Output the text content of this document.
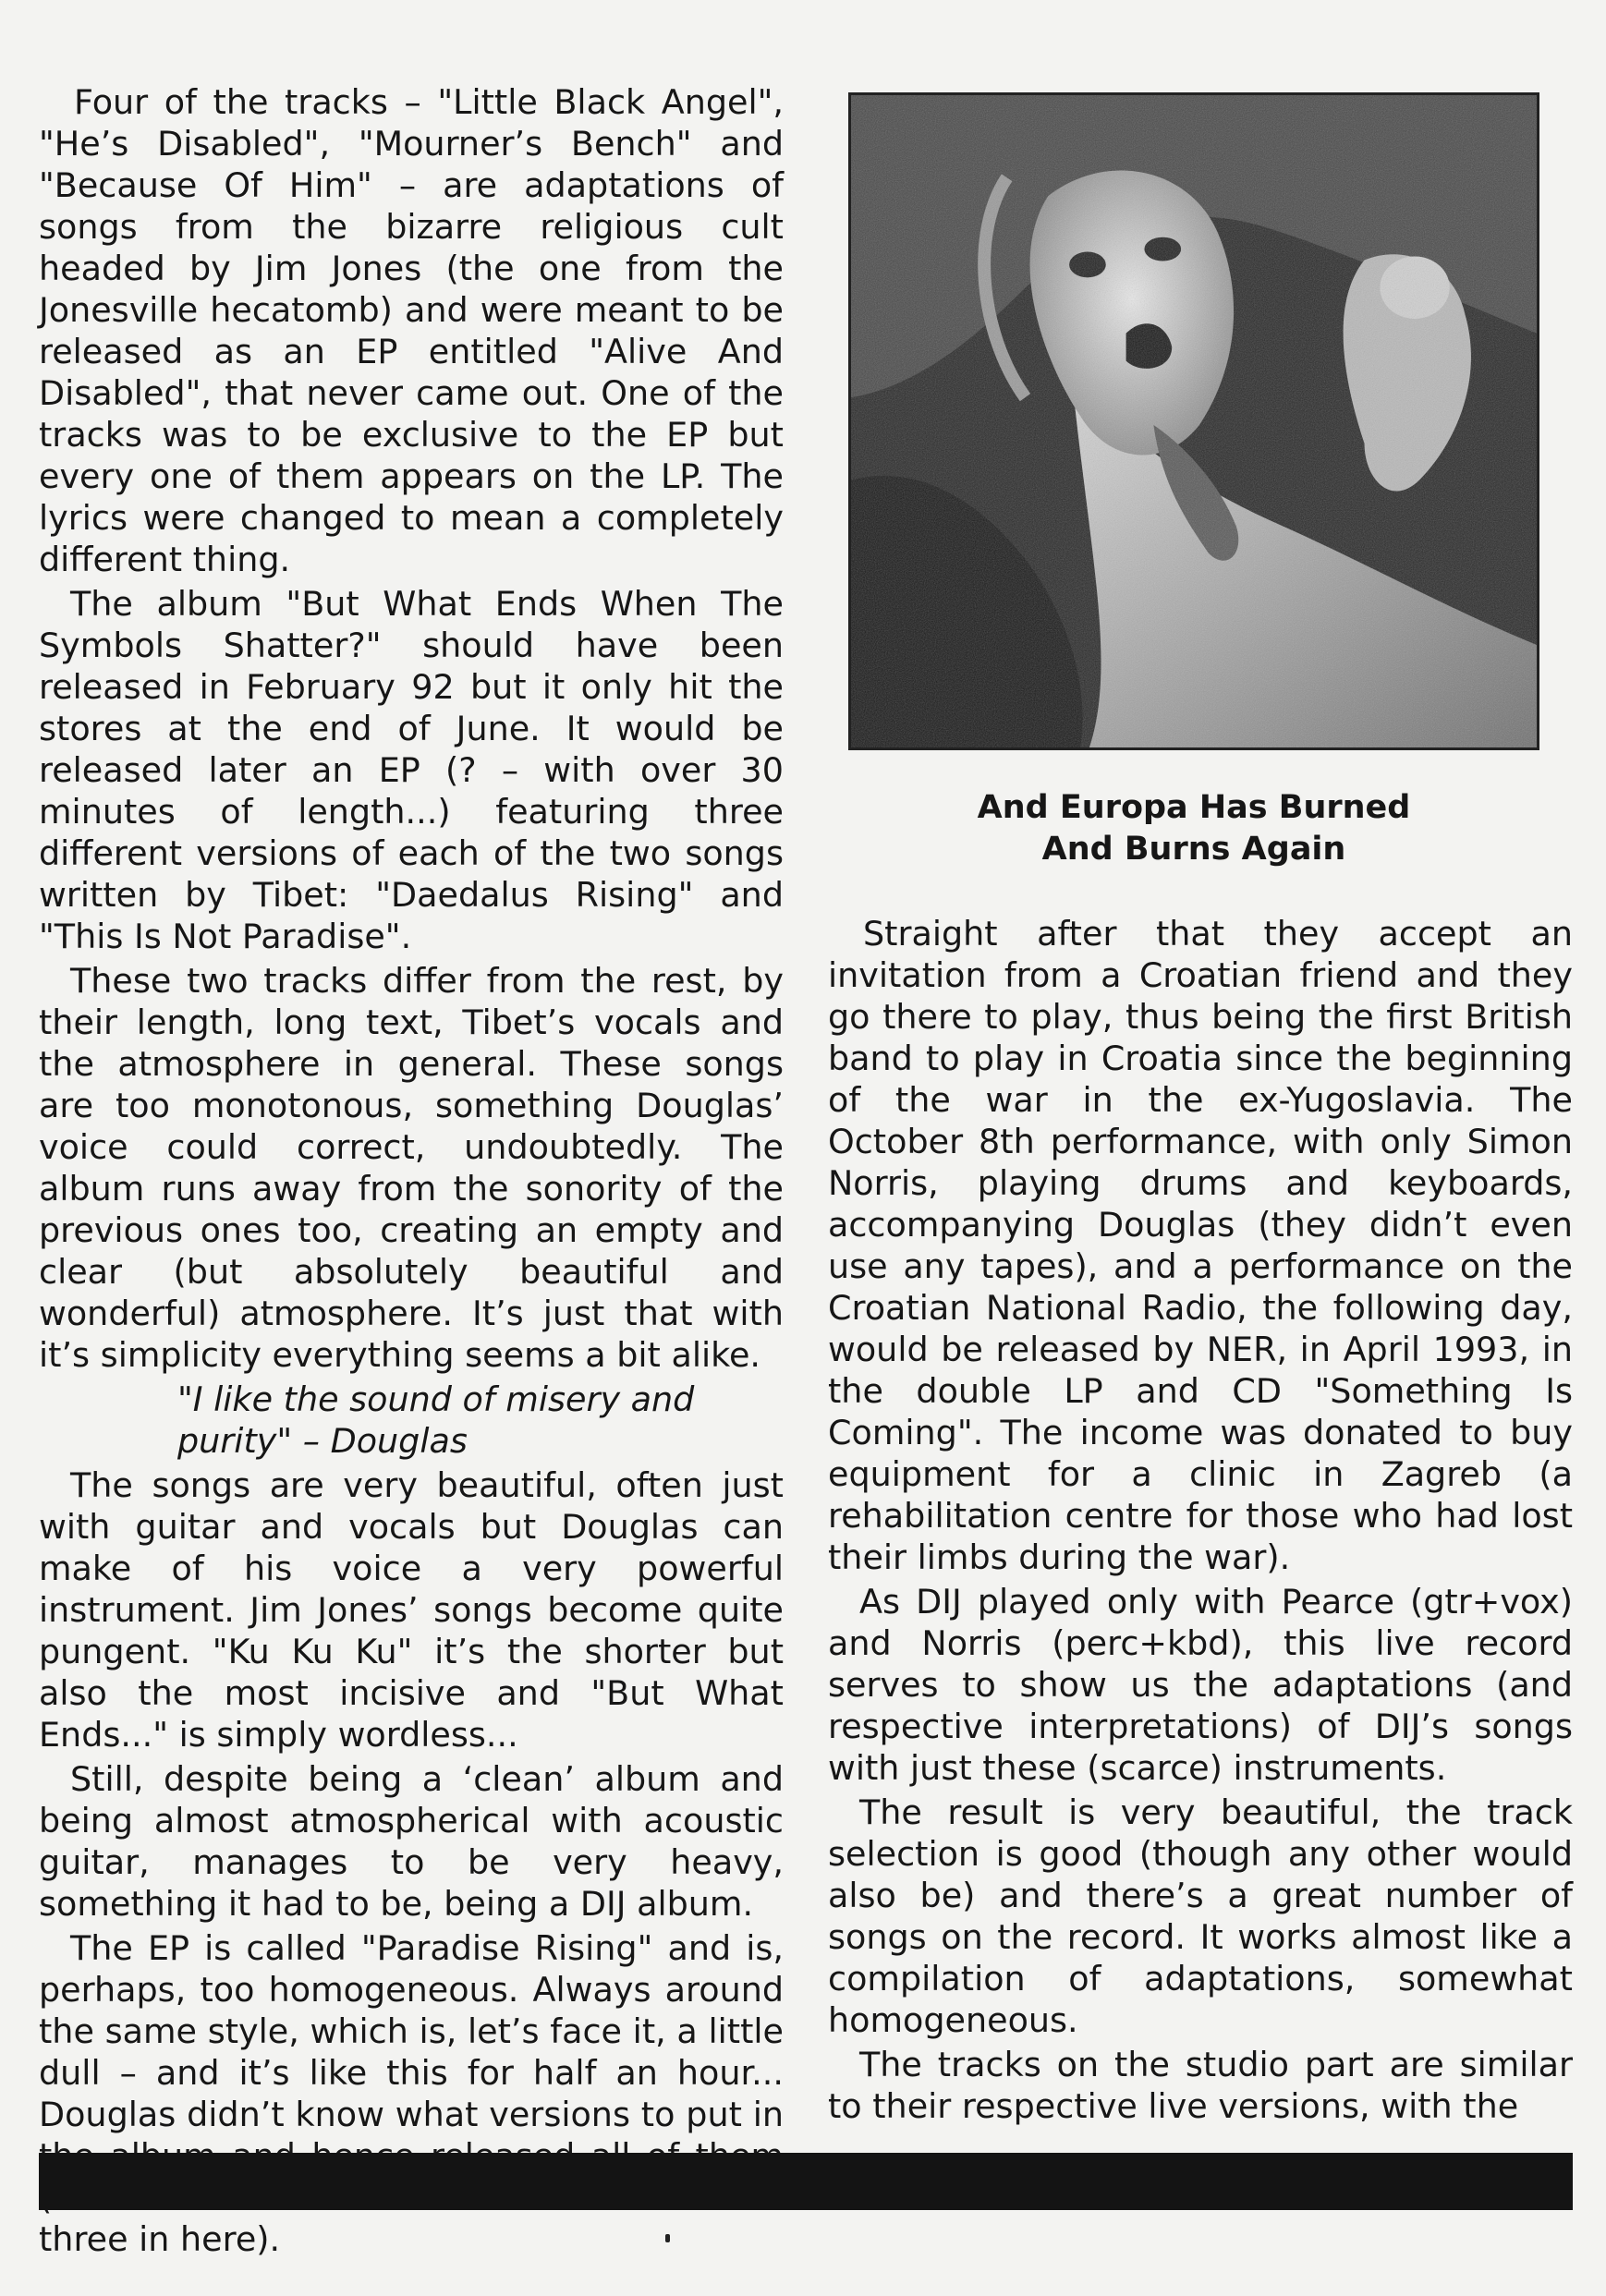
Four of the tracks – "Little Black Angel", "He’s Disabled", "Mourner’s Bench" and "Because Of Him" – are adaptations of songs from the bizarre religious cult headed by Jim Jones (the one from the Jonesville hecatomb) and were meant to be released as an EP entitled "Alive And Disabled", that never came out. One of the tracks was to be exclusive to the EP but every one of them appears on the LP. The lyrics were changed to mean a completely different thing.

The album "But What Ends When The Symbols Shatter?" should have been released in February 92 but it only hit the stores at the end of June. It would be released later an EP (? – with over 30 minutes of length...) featuring three different versions of each of the two songs written by Tibet: "Daedalus Rising" and "This Is Not Paradise".

These two tracks differ from the rest, by their length, long text, Tibet’s vocals and the atmosphere in general. These songs are too monotonous, something Douglas’ voice could correct, undoubtedly. The album runs away from the sonority of the previous ones too, creating an empty and clear (but absolutely beautiful and wonderful) atmosphere. It’s just that with it’s simplicity everything seems a bit alike.

"I like the sound of misery and purity" – Douglas

The songs are very beautiful, often just with guitar and vocals but Douglas can make of his voice a very powerful instrument. Jim Jones’ songs become quite pungent. "Ku Ku Ku" it’s the shorter but also the most incisive and "But What Ends..." is simply wordless...

Still, despite being a ‘clean’ album and being almost atmospherical with acoustic guitar, manages to be very heavy, something it had to be, being a DIJ album.

The EP is called "Paradise Rising" and is, perhaps, too homogeneous. Always around the same style, which is, let’s face it, a little dull – and it’s like this for half an hour... Douglas didn’t know what versions to put in three in here).

And Europa Has Burned
And Burns Again

Straight after that they accept an invitation from a Croatian friend and they go there to play, thus being the first British band to play in Croatia since the beginning of the war in the ex-Yugoslavia. The October 8th performance, with only Simon Norris, playing drums and keyboards, accompanying Douglas (they didn’t even use any tapes), and a performance on the Croatian National Radio, the following day, would be released by NER, in April 1993, in the double LP and CD "Something Is Coming". The income was donated to buy equipment for a clinic in Zagreb (a rehabilitation centre for those who had lost their limbs during the war).

As DIJ played only with Pearce (gtr+vox) and Norris (perc+kbd), this live record serves to show us the adaptations (and respective interpretations) of DIJ’s songs with just these (scarce) instruments.

The result is very beautiful, the track selection is good (though any other would also be) and there’s a great number of songs on the record. It works almost like a compilation of adaptations, somewhat homogeneous.

The tracks on the studio part are similar to their respective live versions, with the
